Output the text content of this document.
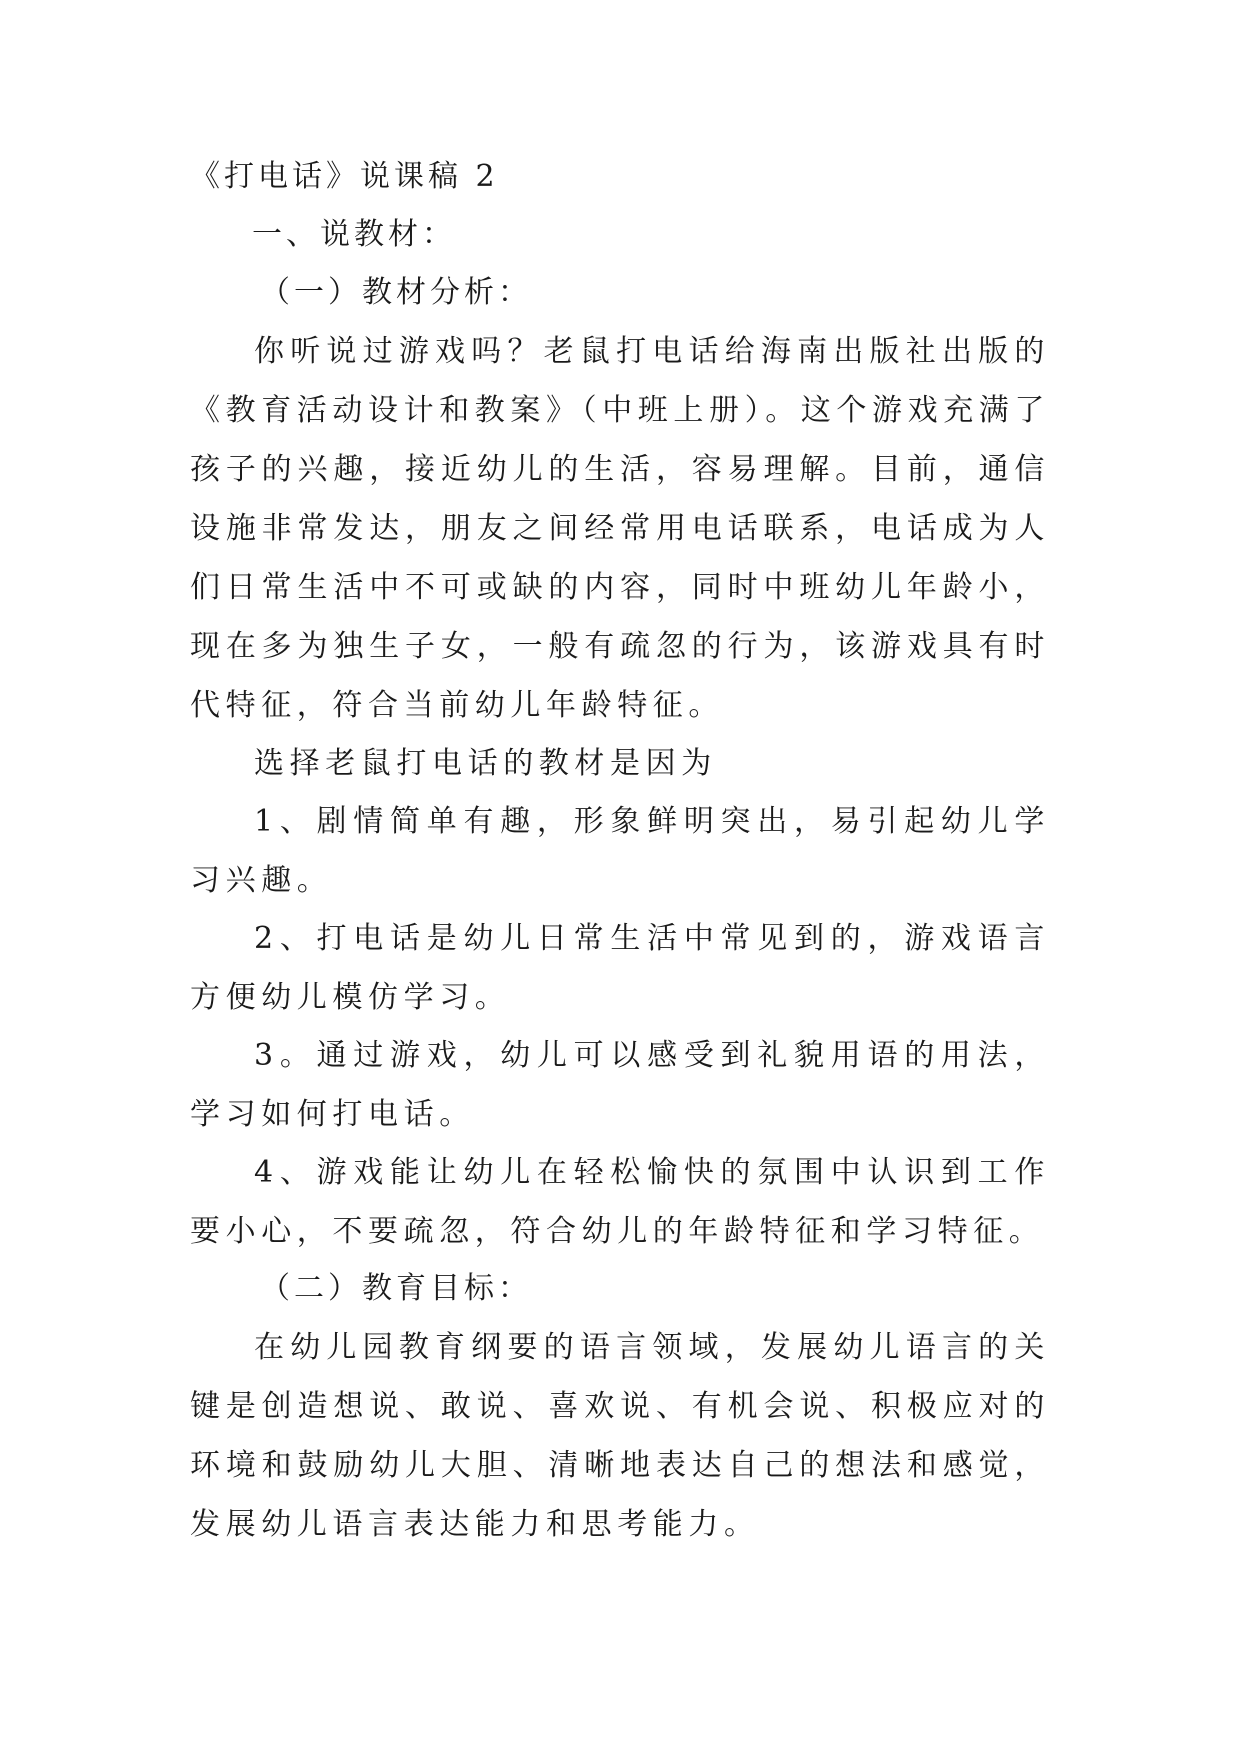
《打电话》说课稿 2

一、说教材：

（一）教材分析：

你听说过游戏吗？老鼠打电话给海南出版社出版的《教育活动设计和教案》（中班上册）。这个游戏充满了孩子的兴趣，接近幼儿的生活，容易理解。目前，通信设施非常发达，朋友之间经常用电话联系，电话成为人们日常生活中不可或缺的内容，同时中班幼儿年龄小，现在多为独生子女，一般有疏忽的行为，该游戏具有时代特征，符合当前幼儿年龄特征。

选择老鼠打电话的教材是因为

1、剧情简单有趣，形象鲜明突出，易引起幼儿学习兴趣。

2、打电话是幼儿日常生活中常见到的，游戏语言方便幼儿模仿学习。

3。通过游戏，幼儿可以感受到礼貌用语的用法，学习如何打电话。

4、游戏能让幼儿在轻松愉快的氛围中认识到工作要小心，不要疏忽，符合幼儿的年龄特征和学习特征。

（二）教育目标：

在幼儿园教育纲要的语言领域，发展幼儿语言的关键是创造想说、敢说、喜欢说、有机会说、积极应对的环境和鼓励幼儿大胆、清晰地表达自己的想法和感觉，发展幼儿语言表达能力和思考能力。
